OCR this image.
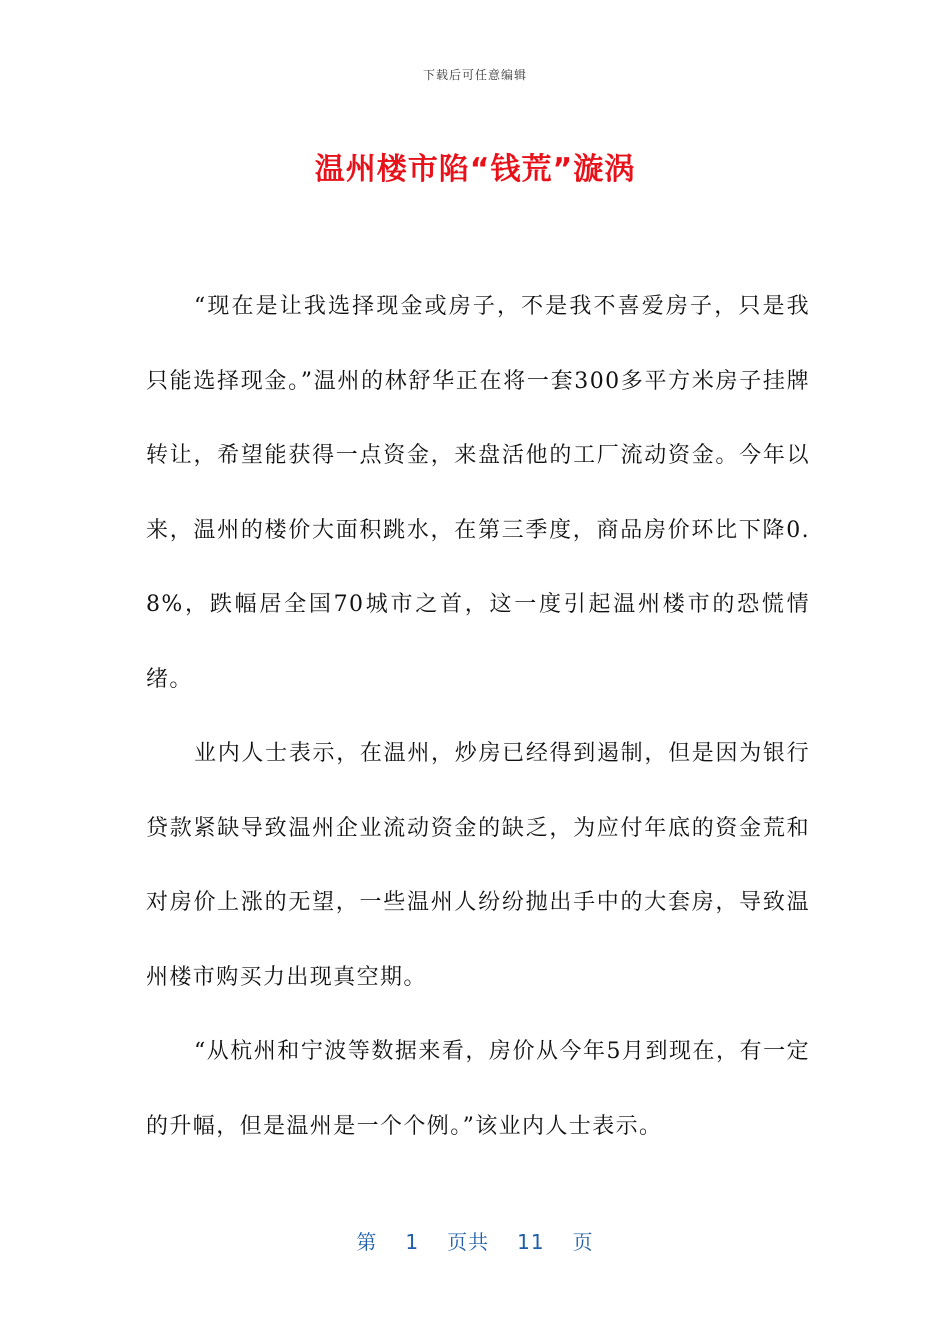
下载后可任意编辑
温州楼市陷“钱荒”漩涡

“现在是让我选择现金或房子，不是我不喜爱房子，只是我只能选择现金。”温州的林舒华正在将一套300多平方米房子挂牌转让，希望能获得一点资金，来盘活他的工厂流动资金。今年以来，温州的楼价大面积跳水，在第三季度，商品房价环比下降0.8%，跌幅居全国70城市之首，这一度引起温州楼市的恐慌情绪。

业内人士表示，在温州，炒房已经得到遏制，但是因为银行贷款紧缺导致温州企业流动资金的缺乏，为应付年底的资金荒和对房价上涨的无望，一些温州人纷纷抛出手中的大套房，导致温州楼市购买力出现真空期。

“从杭州和宁波等数据来看，房价从今年5月到现在，有一定的升幅，但是温州是一个个例。”该业内人士表示。

第 1 页共 11 页
